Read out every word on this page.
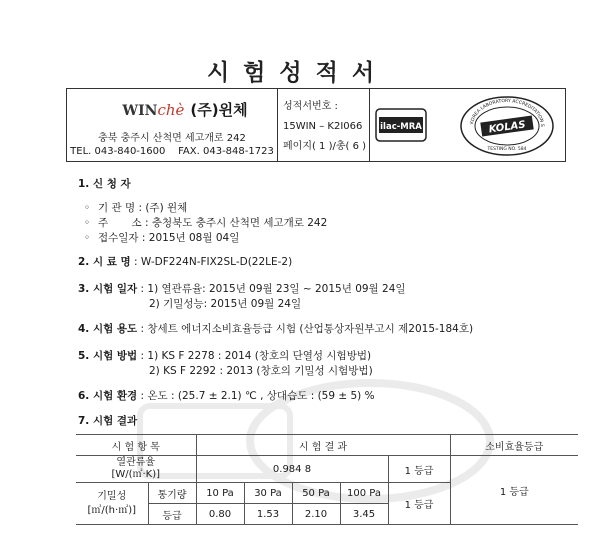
시험성적서
WINchè (주)윈체
충북 충주시 산척면 세고개로 242
TEL. 043-840-1600 FAX. 043-848-1723
성적서번호 :
15WIN – K2I066
페이지( 1 )/총( 6 )
ilac-MRA	KOREA LABORATORY ACCREDITATION S
KOLAS
TESTING NO. 584
1. 신 청 자
◦ 기 관 명 : (주) 윈체
◦ 주       소 : 충청북도 충주시 산척면 세고개로 242
◦ 접수일자 : 2015년 08월 04일
2. 시 료 명 : W-DF224N-FIX2SL-D(22LE-2)
3. 시험 일자 : 1) 열관류율: 2015년 09월 23일 ~ 2015년 09월 24일
2) 기밀성능: 2015년 09월 24일
4. 시험 용도 : 창세트 에너지소비효율등급 시험 (산업통상자원부고시 제2015-184호)
5. 시험 방법 : 1) KS F 2278 : 2014 (창호의 단열성 시험방법)
2) KS F 2292 : 2013 (창호의 기밀성 시험방법)
6. 시험 환경 : 온도 : (25.7 ± 2.1) ℃ , 상대습도 : (59 ± 5) %
7. 시험 결과
시 험 항 목		시 험 결 과					소비효율등급

열관류율
[W/(㎡·K)]		0.984 8				1 등급	1 등급

기밀성
[㎥/(h·㎡)]	통기량	10 Pa	30 Pa	50 Pa	100 Pa	1 등급	
	등급	0.80	1.53	2.10	3.45		
